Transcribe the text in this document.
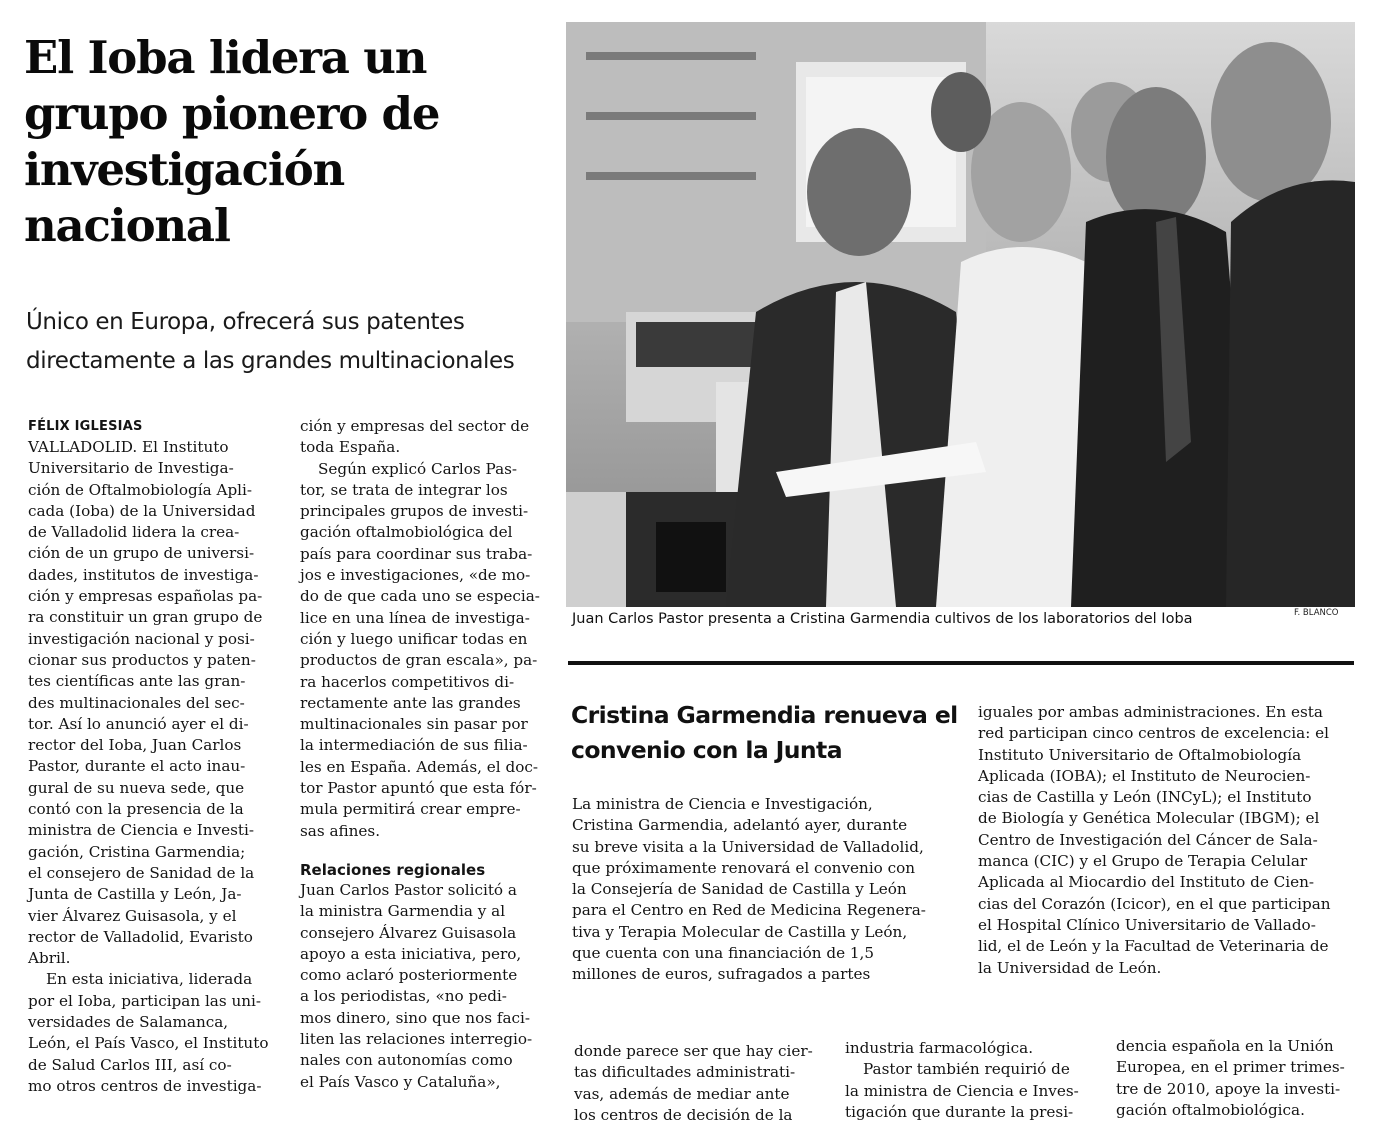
El Ioba lidera un
grupo pionero de
investigación
nacional
Único en Europa, ofrecerá sus patentes
directamente a las grandes multinacionales
FÉLIX IGLESIAS
VALLADOLID. El Instituto
Universitario de Investiga-
ción de Oftalmobiología Apli-
cada (Ioba) de la Universidad
de Valladolid lidera la crea-
ción de un grupo de universi-
dades, institutos de investiga-
ción y empresas españolas pa-
ra constituir un gran grupo de
investigación nacional y posi-
cionar sus productos y paten-
tes científicas ante las gran-
des multinacionales del sec-
tor. Así lo anunció ayer el di-
rector del Ioba, Juan Carlos
Pastor, durante el acto inau-
gural de su nueva sede, que
contó con la presencia de la
ministra de Ciencia e Investi-
gación, Cristina Garmendia;
el consejero de Sanidad de la
Junta de Castilla y León, Ja-
vier Álvarez Guisasola, y el
rector de Valladolid, Evaristo
Abril.
En esta iniciativa, liderada
por el Ioba, participan las uni-
versidades de Salamanca,
León, el País Vasco, el Instituto
de Salud Carlos III, así co-
mo otros centros de investiga-
ción y empresas del sector de
toda España.
Según explicó Carlos Pas-
tor, se trata de integrar los
principales grupos de investi-
gación oftalmobiológica del
país para coordinar sus traba-
jos e investigaciones, «de mo-
do de que cada uno se especia-
lice en una línea de investiga-
ción y luego unificar todas en
productos de gran escala», pa-
ra hacerlos competitivos di-
rectamente ante las grandes
multinacionales sin pasar por
la intermediación de sus filia-
les en España. Además, el doc-
tor Pastor apuntó que esta fór-
mula permitirá crear empre-
sas afines.
Relaciones regionales
Juan Carlos Pastor solicitó a
la ministra Garmendia y al
consejero Álvarez Guisasola
apoyo a esta iniciativa, pero,
como aclaró posteriormente
a los periodistas, «no pedi-
mos dinero, sino que nos faci-
liten las relaciones interregio-
nales con autonomías como
el País Vasco y Cataluña»,
Juan Carlos Pastor presenta a Cristina Garmendia cultivos de los laboratorios del Ioba	F. BLANCO
Cristina Garmendia renueva el
convenio con la Junta
La ministra de Ciencia e Investigación,
Cristina Garmendia, adelantó ayer, durante
su breve visita a la Universidad de Valladolid,
que próximamente renovará el convenio con
la Consejería de Sanidad de Castilla y León
para el Centro en Red de Medicina Regenera-
tiva y Terapia Molecular de Castilla y León,
que cuenta con una financiación de 1,5
millones de euros, sufragados a partes
iguales por ambas administraciones. En esta
red participan cinco centros de excelencia: el
Instituto Universitario de Oftalmobiología
Aplicada (IOBA); el Instituto de Neurocien-
cias de Castilla y León (INCyL); el Instituto
de Biología y Genética Molecular (IBGM); el
Centro de Investigación del Cáncer de Sala-
manca (CIC) y el Grupo de Terapia Celular
Aplicada al Miocardio del Instituto de Cien-
cias del Corazón (Icicor), en el que participan
el Hospital Clínico Universitario de Vallado-
lid, el de León y la Facultad de Veterinaria de
la Universidad de León.
donde parece ser que hay cier-
tas dificultades administrati-
vas, además de mediar ante
los centros de decisión de la
industria farmacológica.
Pastor también requirió de
la ministra de Ciencia e Inves-
tigación que durante la presi-
dencia española en la Unión
Europea, en el primer trimes-
tre de 2010, apoye la investi-
gación oftalmobiológica.
